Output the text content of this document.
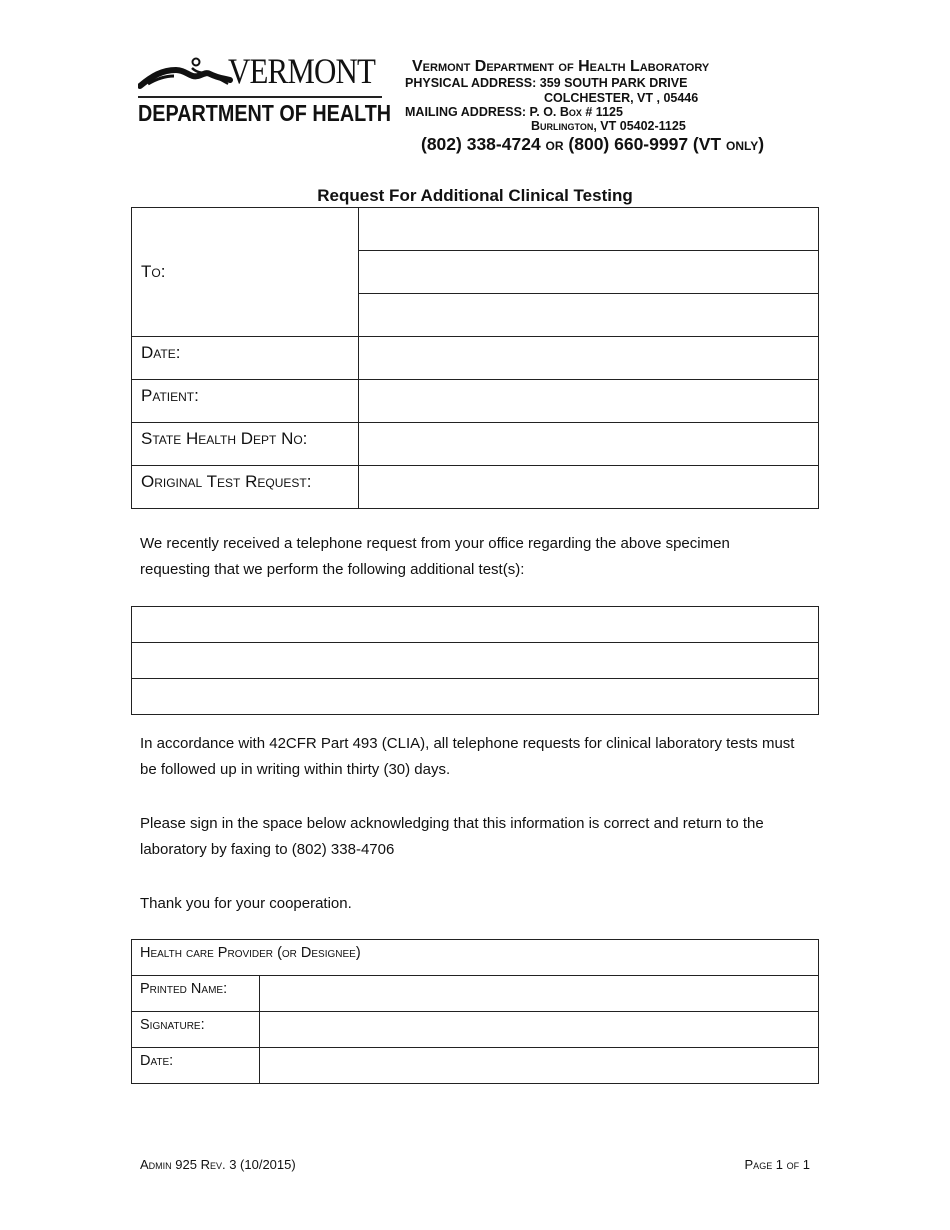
VERMONT
DEPARTMENT OF HEALTH
Vermont Department of Health Laboratory
PHYSICAL ADDRESS: 359 SOUTH PARK DRIVE
COLCHESTER, VT , 05446
MAILING ADDRESS: P. O. Box # 1125
Burlington, VT 05402-1125
(802) 338-4724 or (800) 660-9997 (VT only)
Request For Additional Clinical Testing
To:	

Date:	
Patient:	
State Health Dept No:	
Original Test Request:	
We recently received a telephone request from your office regarding the above specimen requesting that we perform the following additional test(s):

In accordance with 42CFR Part 493 (CLIA), all telephone requests for clinical laboratory tests must be followed up in writing within thirty (30) days.
Please sign in the space below acknowledging that this information is correct and return to the laboratory by faxing to (802) 338-4706
Thank you for your cooperation.
Health care Provider (or Designee)	
Printed Name:	
Signature:	
Date:	
Admin 925 Rev. 3 (10/2015)	Page 1 of 1
